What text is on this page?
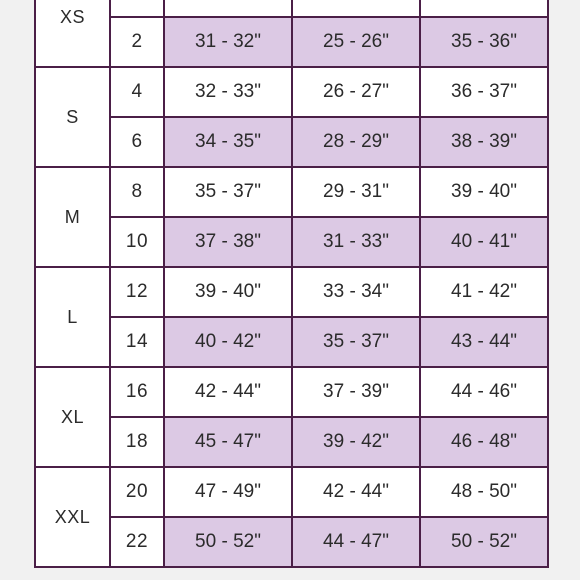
XS				
	2	31 - 32"	25 - 26"	35 - 36"
S	4	32 - 33"	26 - 27"	36 - 37"
	6	34 - 35"	28 - 29"	38 - 39"
M	8	35 - 37"	29 - 31"	39 - 40"
	10	37 - 38"	31 - 33"	40 - 41"
L	12	39 - 40"	33 - 34"	41 - 42"
	14	40 - 42"	35 - 37"	43 - 44"
XL	16	42 - 44"	37 - 39"	44 - 46"
	18	45 - 47"	39 - 42"	46 - 48"
XXL	20	47 - 49"	42 - 44"	48 - 50"
	22	50 - 52"	44 - 47"	50 - 52"
